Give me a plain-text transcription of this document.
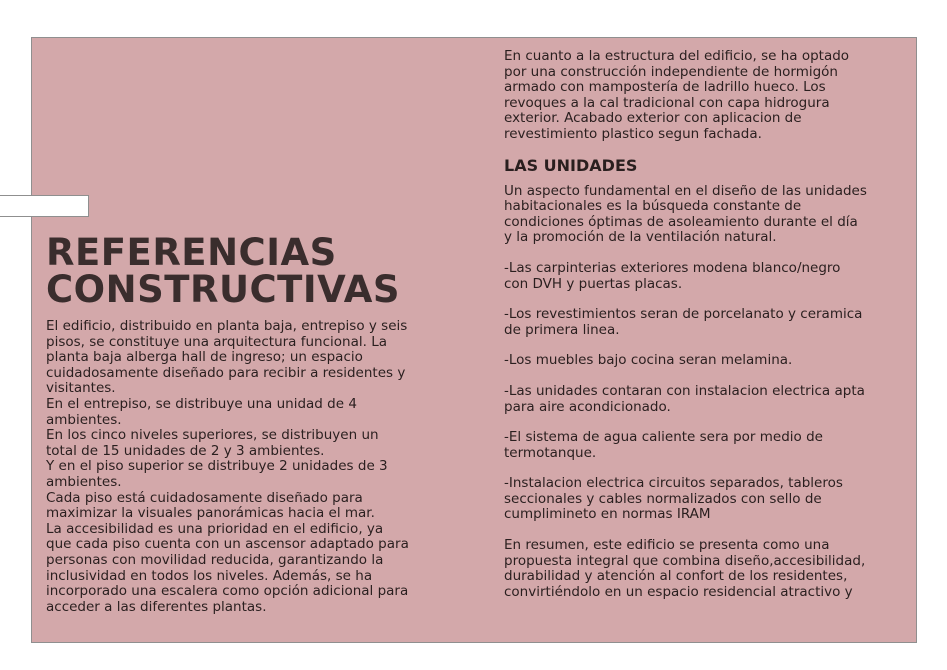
REFERENCIAS
CONSTRUCTIVAS

El edificio, distribuido en planta baja, entrepiso y seis

pisos, se constituye una arquitectura funcional. La

planta baja alberga hall de ingreso; un espacio

cuidadosamente diseñado para recibir a residentes y

visitantes.

En el entrepiso, se distribuye una unidad de 4

ambientes.

En los cinco niveles superiores, se distribuyen un

total de 15 unidades de 2 y 3 ambientes.

Y en el piso superior se distribuye 2 unidades de 3

ambientes.

Cada piso está cuidadosamente diseñado para

maximizar la visuales panorámicas hacia el mar.

La accesibilidad es una prioridad en el edificio, ya

que cada piso cuenta con un ascensor adaptado para

personas con movilidad reducida, garantizando la

inclusividad en todos los niveles. Además, se ha

incorporado una escalera como opción adicional para

acceder a las diferentes plantas.

En cuanto a la estructura del edificio, se ha optado

por una construcción independiente de hormigón

armado con mampostería de ladrillo hueco. Los

revoques a la cal tradicional con capa hidrogura

exterior. Acabado exterior con aplicacion de

revestimiento plastico segun fachada.

LAS UNIDADES

Un aspecto fundamental en el diseño de las unidades

habitacionales es la búsqueda constante de

condiciones óptimas de asoleamiento durante el día

y la promoción de la ventilación natural.

-Las carpinterias exteriores modena blanco/negro

con DVH y puertas placas.

-Los revestimientos seran de porcelanato y ceramica

de primera linea.

-Los muebles bajo cocina seran melamina.

-Las unidades contaran con instalacion electrica apta

para aire acondicionado.

-El sistema de agua caliente sera por medio de

termotanque.

-Instalacion electrica circuitos separados, tableros

seccionales y cables normalizados con sello de

cumplimineto en normas IRAM

En resumen, este edificio se presenta como una

propuesta integral que combina diseño,accesibilidad,

durabilidad y atención al confort de los residentes,

convirtiéndolo en un espacio residencial atractivo y
